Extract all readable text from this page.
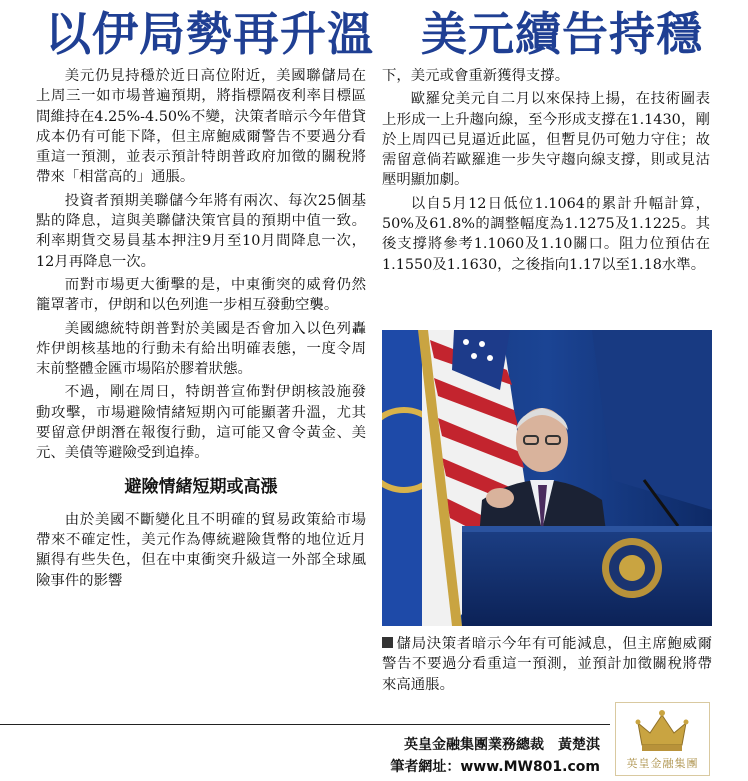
以伊局勢再升溫　美元續告持穩

美元仍見持穩於近日高位附近，美國聯儲局在上周三一如市場普遍預期，將指標隔夜利率目標區間維持在4.25%-4.50%不變，決策者暗示今年借貸成本仍有可能下降，但主席鮑威爾警告不要過分看重這一預測，並表示預計特朗普政府加徵的關稅將帶來「相當高的」通脹。

投資者預期美聯儲今年將有兩次、每次25個基點的降息，這與美聯儲決策官員的預期中值一致。利率期貨交易員基本押注9月至10月間降息一次，12月再降息一次。

而對市場更大衝擊的是，中東衝突的威脅仍然籠罩著市，伊朗和以色列進一步相互發動空襲。

美國總統特朗普對於美國是否會加入以色列轟炸伊朗核基地的行動未有給出明確表態，一度令周末前整體金匯市場陷於膠着狀態。

不過，剛在周日，特朗普宣佈對伊朗核設施發動攻擊，市場避險情緒短期內可能顯著升溫，尤其要留意伊朗潛在報復行動，這可能又會令黃金、美元、美債等避險受到追捧。

避險情緒短期或高漲

由於美國不斷變化且不明確的貿易政策給市場帶來不確定性，美元作為傳統避險貨幣的地位近月顯得有些失色，但在中東衝突升級這一外部全球風險事件的影響

下，美元或會重新獲得支撐。

歐羅兌美元自二月以來保持上揚，在技術圖表上形成一上升趨向線，至今形成支撐在1.1430，剛於上周四已見逼近此區，但暫見仍可勉力守住；故需留意倘若歐羅進一步失守趨向線支撐，則或見沽壓明顯加劇。

以自5月12日低位1.1064的累計升幅計算，50%及61.8%的調整幅度為1.1275及1.1225。其後支撐將參考1.1060及1.10關口。阻力位預估在1.1550及1.1630，之後指向1.17以至1.18水準。

儲局決策者暗示今年有可能減息，但主席鮑威爾警告不要過分看重這一預測，並預計加徵關稅將帶來高通脹。
英皇金融集團業務總裁　黃楚淇
筆者網址：www.MW801.com	英皇金融集團
